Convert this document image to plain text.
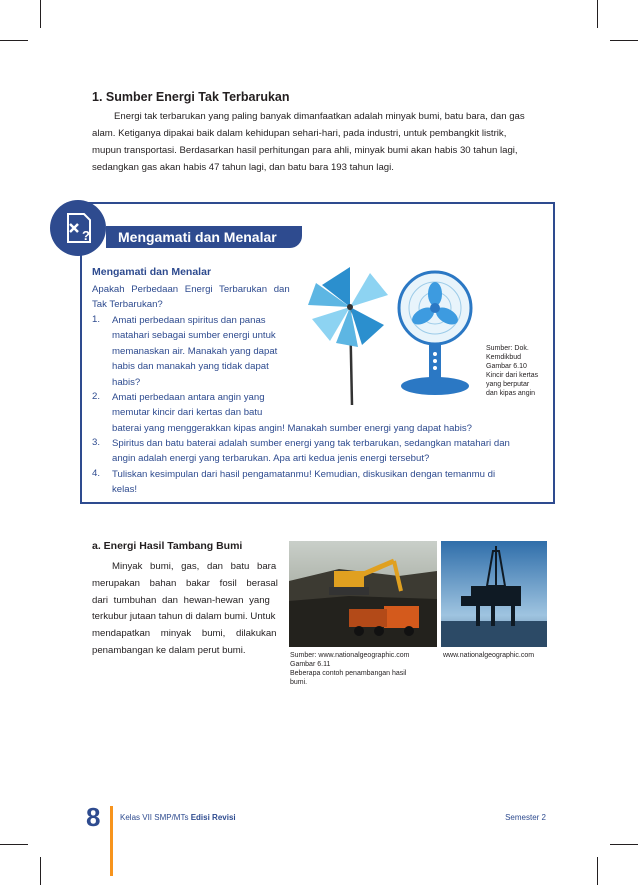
1. Sumber Energi Tak Terbarukan
Energi tak terbarukan yang paling banyak dimanfaatkan adalah minyak bumi, batu bara, dan gas
alam. Ketiganya dipakai baik dalam kehidupan sehari-hari, pada industri, untuk pembangkit listrik,
mupun transportasi. Berdasarkan hasil perhitungan para ahli, minyak bumi akan habis 30 tahun lagi,
sedangkan gas akan habis 47 tahun lagi, dan batu bara 193 tahun lagi.
?	Mengamati dan Menalar
Mengamati dan Menalar
Apakah Perbedaan Energi Terbarukan dan
Tak Terbarukan?
1. Amati perbedaan spiritus dan panas
matahari sebagai sumber energi untuk
memanaskan air. Manakah yang dapat
habis dan manakah yang tidak dapat
habis?
2. Amati perbedaan antara angin yang
memutar kincir dari kertas dan batu
baterai yang menggerakkan kipas angin! Manakah sumber energi yang dapat habis?
3. Spiritus dan batu baterai adalah sumber energi yang tak terbarukan, sedangkan matahari dan
angin adalah energi yang terbarukan. Apa arti kedua jenis energi tersebut?
4. Tuliskan kesimpulan dari hasil pengamatanmu! Kemudian, diskusikan dengan temanmu di
kelas!
Sumber: Dok.
Kemdikbud
Gambar 6.10
Kincir dari kertas
yang berputar
dan kipas angin
a. Energi Hasil Tambang Bumi
Minyak bumi, gas, dan batu bara
merupakan bahan bakar fosil berasal
dari tumbuhan dan hewan-hewan yang
terkubur jutaan tahun di dalam bumi. Untuk
mendapatkan minyak bumi, dilakukan
penambangan ke dalam perut bumi.	Sumber: www.nationalgeographic.com	www.nationalgeographic.com
Gambar 6.11
Beberapa contoh penambangan hasil
bumi.
8 Kelas VII SMP/MTs Edisi Revisi	Semester 2
